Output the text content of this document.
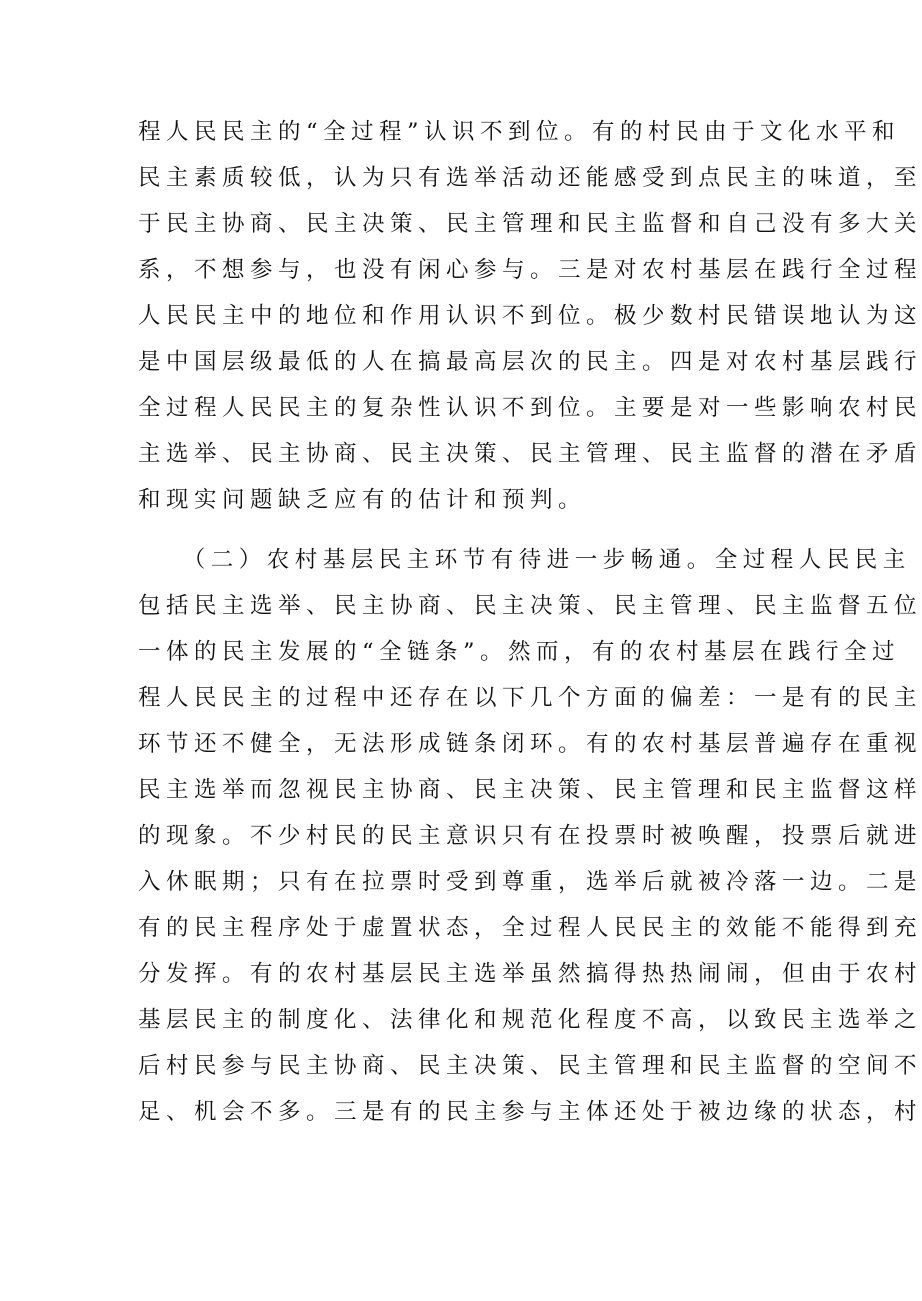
程人民民主的“全过程”认识不到位。有的村民由于文化水平和
民主素质较低，认为只有选举活动还能感受到点民主的味道，至
于民主协商、民主决策、民主管理和民主监督和自己没有多大关
系，不想参与，也没有闲心参与。三是对农村基层在践行全过程
人民民主中的地位和作用认识不到位。极少数村民错误地认为这
是中国层级最低的人在搞最高层次的民主。四是对农村基层践行
全过程人民民主的复杂性认识不到位。主要是对一些影响农村民
主选举、民主协商、民主决策、民主管理、民主监督的潜在矛盾
和现实问题缺乏应有的估计和预判。
　　（二）农村基层民主环节有待进一步畅通。全过程人民民主
包括民主选举、民主协商、民主决策、民主管理、民主监督五位
一体的民主发展的“全链条”。然而，有的农村基层在践行全过
程人民民主的过程中还存在以下几个方面的偏差：一是有的民主
环节还不健全，无法形成链条闭环。有的农村基层普遍存在重视
民主选举而忽视民主协商、民主决策、民主管理和民主监督这样
的现象。不少村民的民主意识只有在投票时被唤醒，投票后就进
入休眠期；只有在拉票时受到尊重，选举后就被冷落一边。二是
有的民主程序处于虚置状态，全过程人民民主的效能不能得到充
分发挥。有的农村基层民主选举虽然搞得热热闹闹，但由于农村
基层民主的制度化、法律化和规范化程度不高，以致民主选举之
后村民参与民主协商、民主决策、民主管理和民主监督的空间不
足、机会不多。三是有的民主参与主体还处于被边缘的状态，村
